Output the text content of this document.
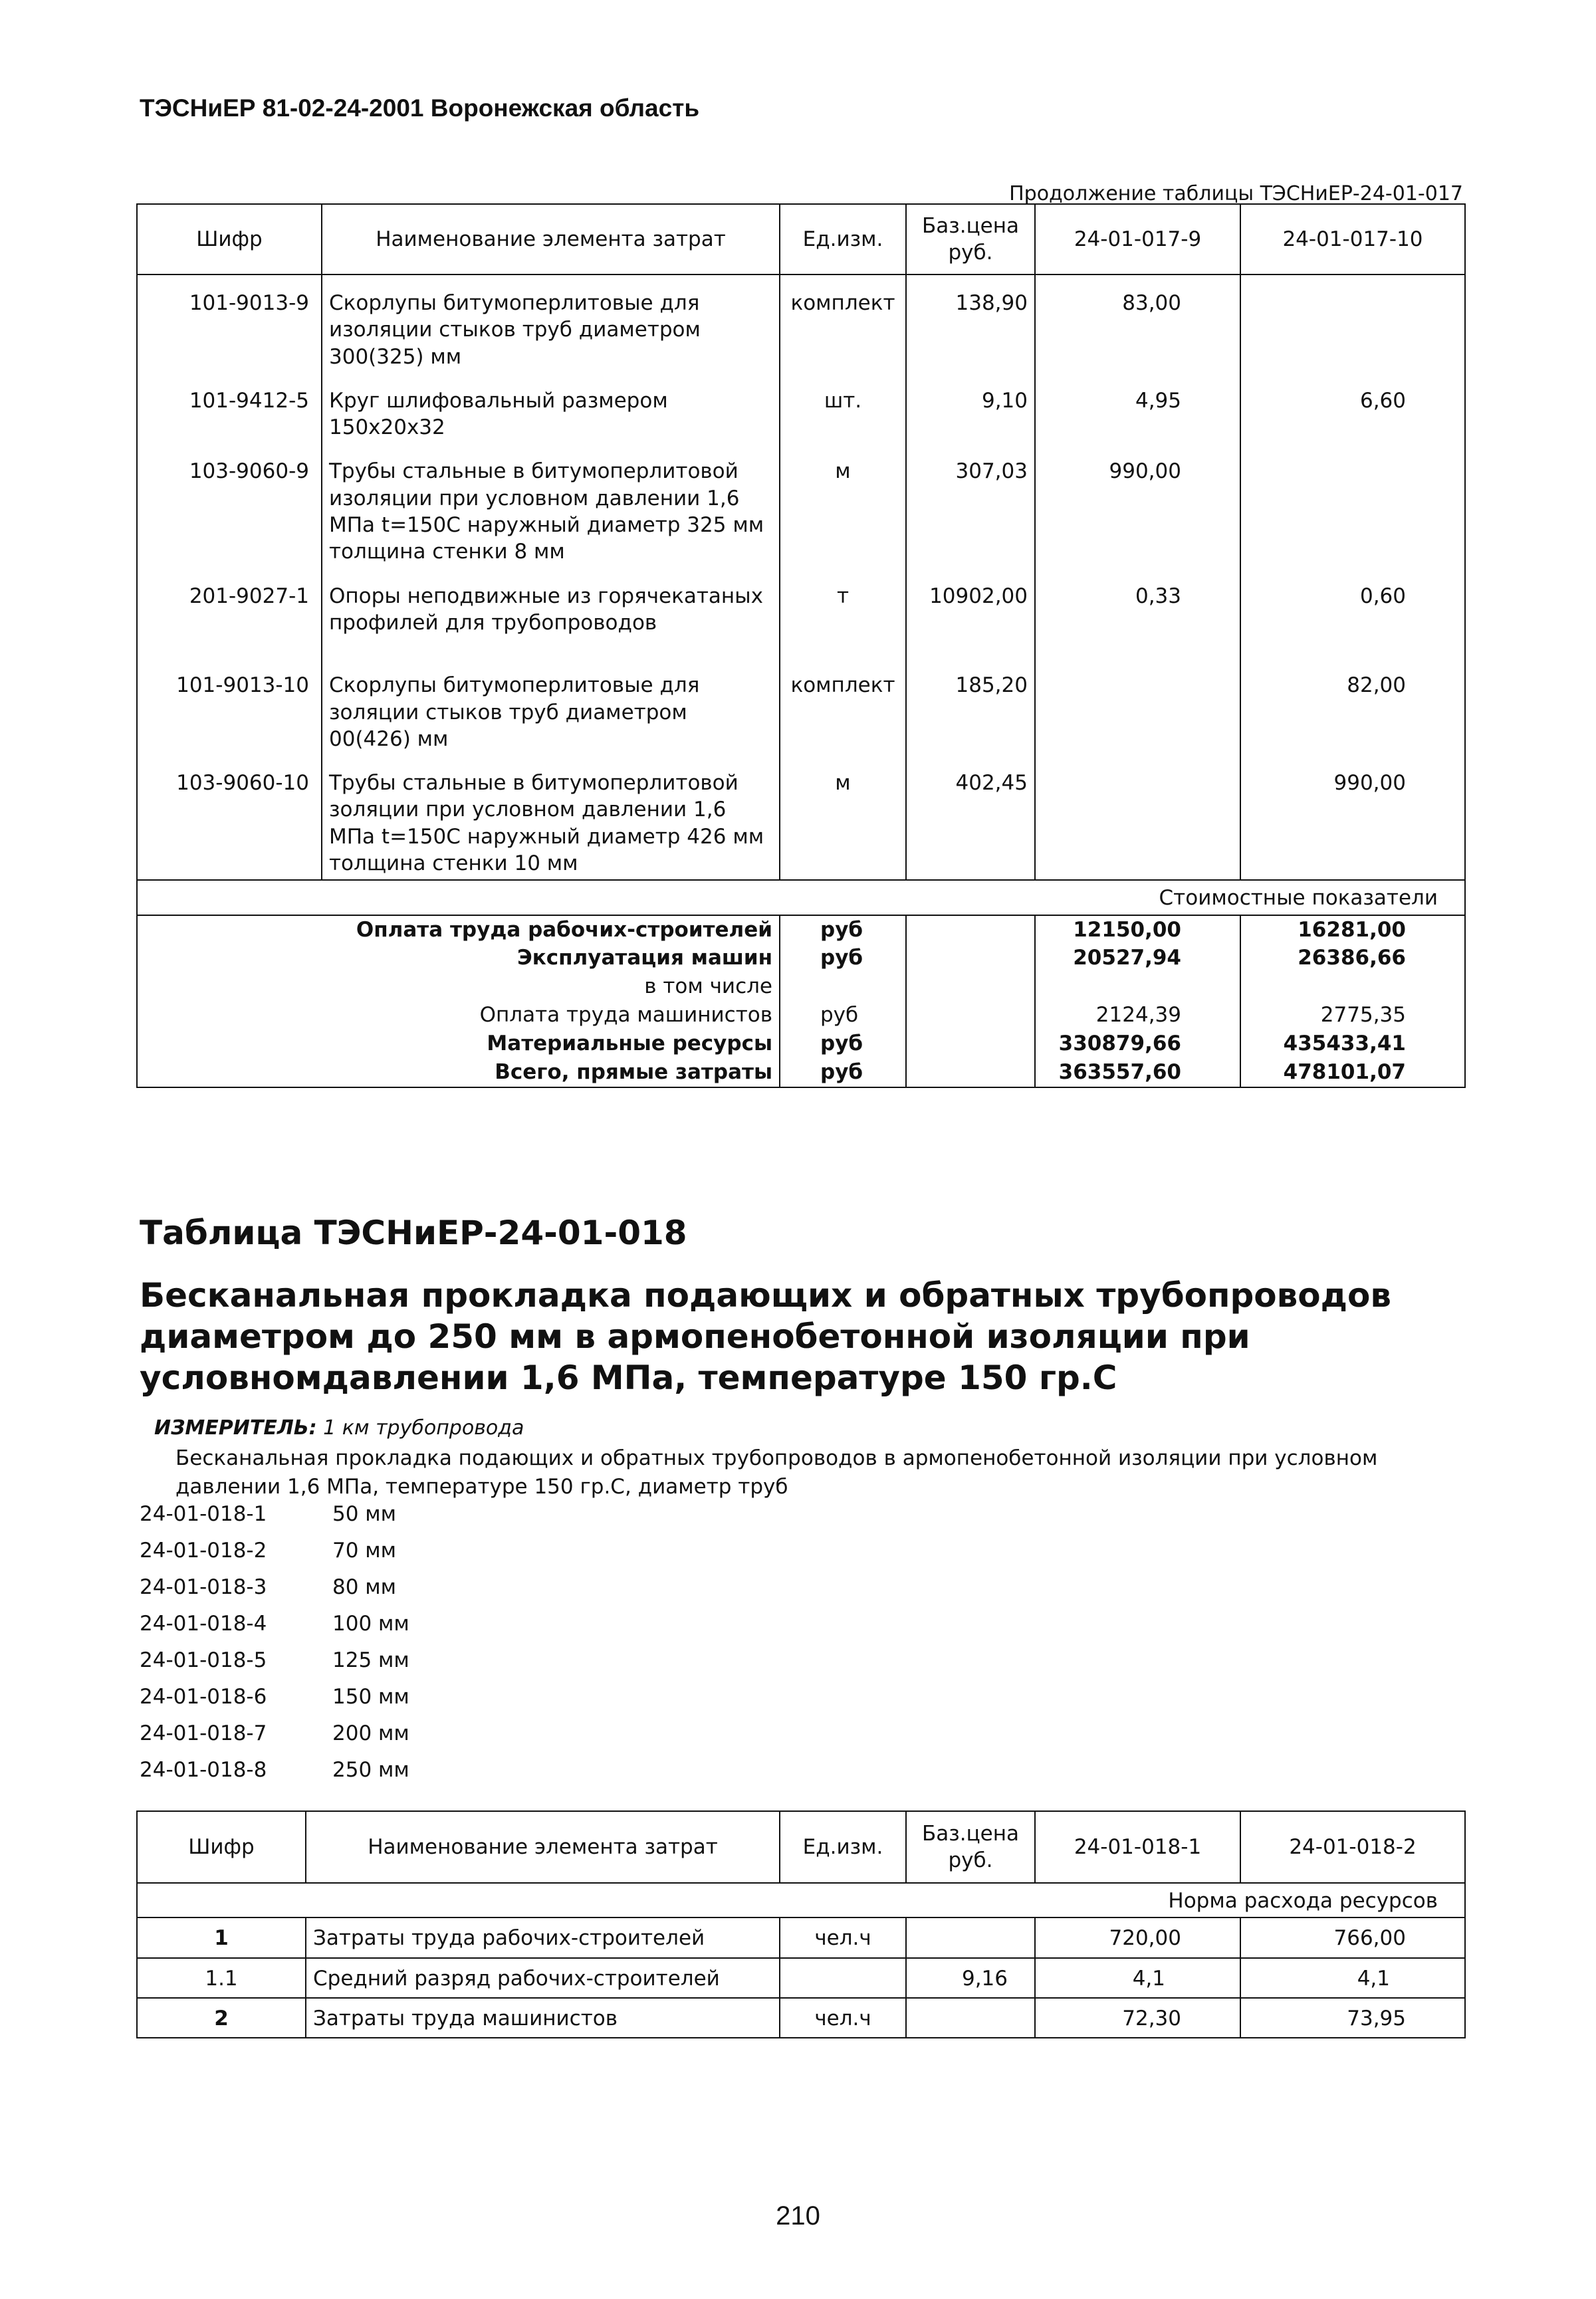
ТЭСНиЕР 81-02-24-2001 Воронежская область
Продолжение таблицы ТЭСНиЕР-24-01-017
Шифр	Наименование элемента затрат	Ед.изм.	Баз.цена руб.	24-01-017-9	24-01-017-10
101-9013-9	Скорлупы битумоперлитовые для изоляции стыков труб диаметром 300(325) мм	комплект	138,90	83,00	
101-9412-5	Круг шлифовальный размером 150x20x32	шт.	9,10	4,95	6,60
103-9060-9	Трубы стальные в битумоперлитовой изоляции при условном давлении 1,6 МПа t=150C наружный диаметр 325 мм толщина стенки 8 мм	м	307,03	990,00	
201-9027-1	Опоры неподвижные из горячекатаных профилей для трубопроводов	т	10902,00	0,33	0,60
101-9013-10	Скорлупы битумоперлитовые для золяции стыков труб диаметром 00(426) мм	комплект	185,20		82,00
103-9060-10	Трубы стальные в битумоперлитовой золяции при условном давлении 1,6 МПа t=150C наружный диаметр 426 мм толщина стенки 10 мм	м	402,45		990,00
Стоимостные показатели					
Оплата труда рабочих-строителей		руб		12150,00	16281,00
Эксплуатация машин		руб		20527,94	26386,66
в том числе					
Оплата труда машинистов		руб		2124,39	2775,35
Материальные ресурсы		руб		330879,66	435433,41
Всего, прямые затраты		руб		363557,60	478101,07
Таблица ТЭСНиЕР-24-01-018
Бесканальная прокладка подающих и обратных трубопроводов диаметром до 250 мм в армопенобетонной изоляции при условномдавлении 1,6 МПа, температуре 150 гр.С
ИЗМЕРИТЕЛЬ: 1 км трубопровода
Бесканальная прокладка подающих и обратных трубопроводов в армопенобетонной изоляции при условном давлении 1,6 МПа, температуре 150 гр.С, диаметр труб
24-01-018-1	50 мм
24-01-018-2	70 мм
24-01-018-3	80 мм
24-01-018-4	100 мм
24-01-018-5	125 мм
24-01-018-6	150 мм
24-01-018-7	200 мм
24-01-018-8	250 мм
Шифр	Наименование элемента затрат	Ед.изм.	Баз.цена руб.	24-01-018-1	24-01-018-2
Норма расхода ресурсов					
1	Затраты труда рабочих-строителей	чел.ч		720,00	766,00
1.1	Средний разряд рабочих-строителей		9,16	4,1	4,1
2	Затраты труда машинистов	чел.ч		72,30	73,95
210
